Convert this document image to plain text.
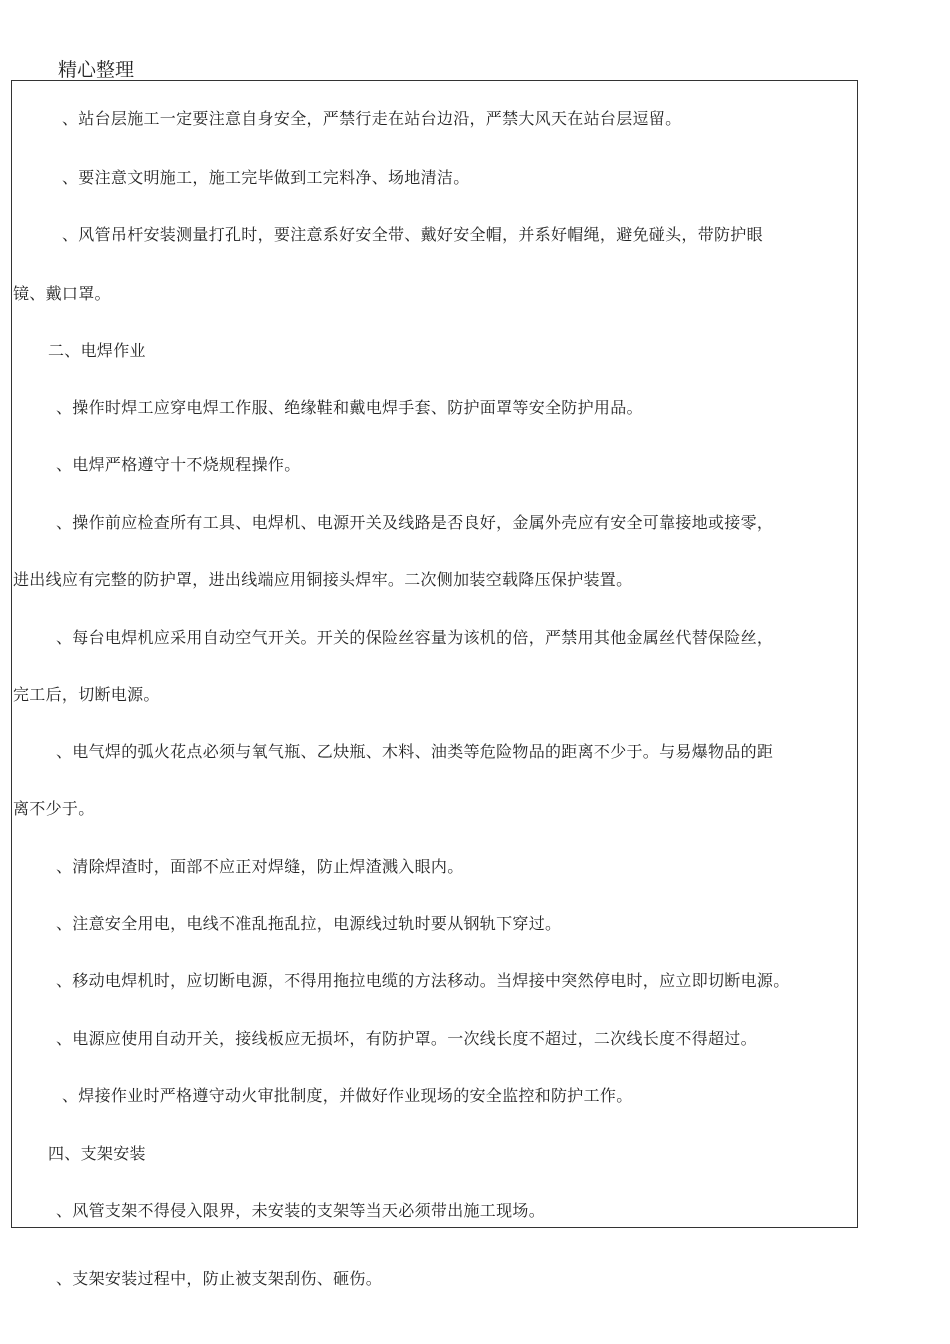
精心整理
、站台层施工一定要注意自身安全，严禁行走在站台边沿，严禁大风天在站台层逗留。
、要注意文明施工，施工完毕做到工完料净、场地清洁。
、风管吊杆安装测量打孔时，要注意系好安全带、戴好安全帽，并系好帽绳，避免碰头，带防护眼
镜、戴口罩。
二、电焊作业
、操作时焊工应穿电焊工作服、绝缘鞋和戴电焊手套、防护面罩等安全防护用品。
、电焊严格遵守十不烧规程操作。
、操作前应检查所有工具、电焊机、电源开关及线路是否良好，金属外壳应有安全可靠接地或接零，
进出线应有完整的防护罩，进出线端应用铜接头焊牢。二次侧加装空载降压保护装置。
、每台电焊机应采用自动空气开关。开关的保险丝容量为该机的倍，严禁用其他金属丝代替保险丝，
完工后，切断电源。
、电气焊的弧火花点必须与氧气瓶、乙炔瓶、木料、油类等危险物品的距离不少于。与易爆物品的距
离不少于。
、清除焊渣时，面部不应正对焊缝，防止焊渣溅入眼内。
、注意安全用电，电线不准乱拖乱拉，电源线过轨时要从钢轨下穿过。
、移动电焊机时，应切断电源，不得用拖拉电缆的方法移动。当焊接中突然停电时，应立即切断电源。
、电源应使用自动开关，接线板应无损坏，有防护罩。一次线长度不超过，二次线长度不得超过。
、焊接作业时严格遵守动火审批制度，并做好作业现场的安全监控和防护工作。
四、支架安装
、风管支架不得侵入限界，未安装的支架等当天必须带出施工现场。
、支架安装过程中，防止被支架刮伤、砸伤。
